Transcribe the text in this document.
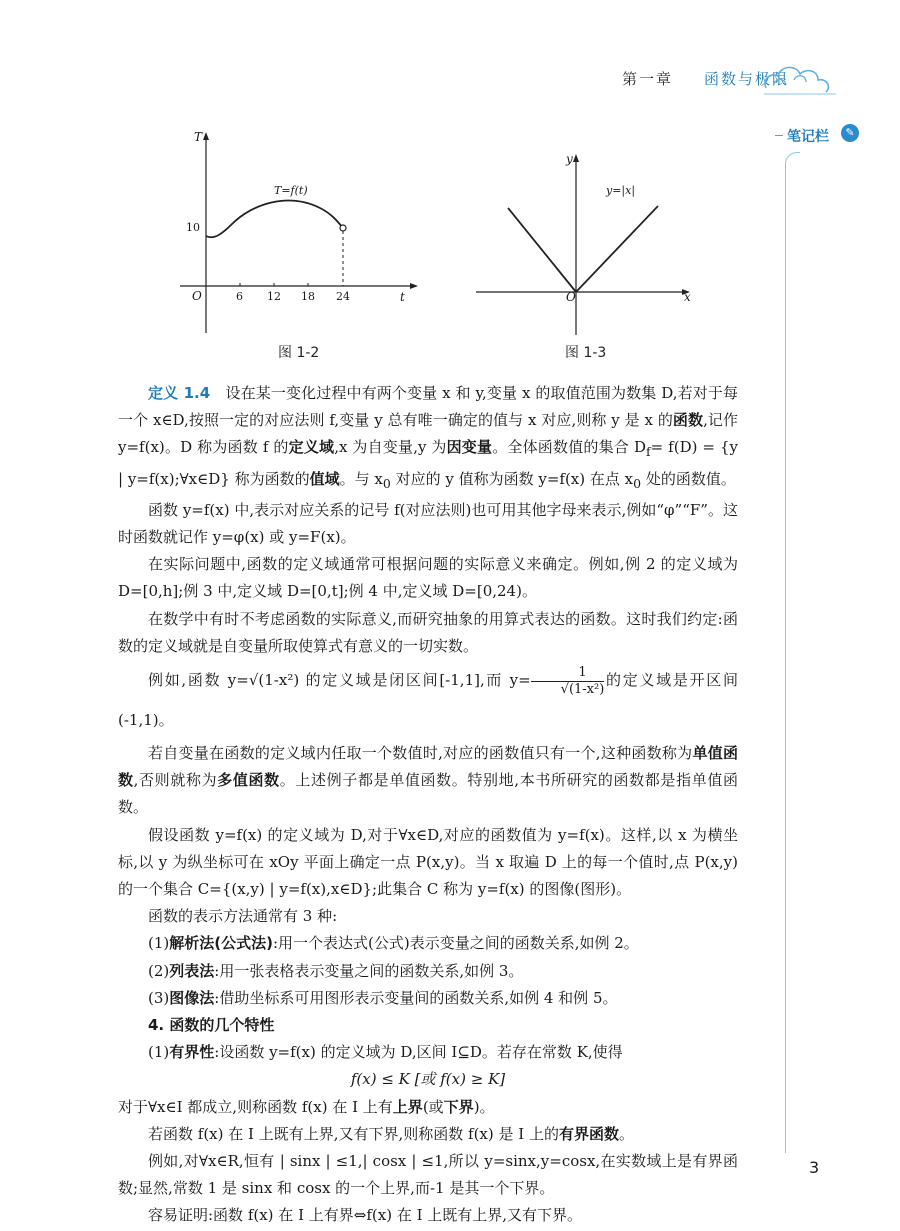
第一章 函数与极限
笔记栏	✎
T
t
O
T=f(t)
10
6 12 18 24
图 1-2
y
x
O
y=|x|
图 1-3

定义 1.4　 设在某一变化过程中有两个变量 x 和 y,变量 x 的取值范围为数集 D,若对于每一个 x∈D,按照一定的对应法则 f,变量 y 总有唯一确定的值与 x 对应,则称 y 是 x 的函数,记作 y=f(x)。D 称为函数 f 的定义域,x 为自变量,y 为因变量。全体函数值的集合 $D_f= f(D) = \{y$ | y=f(x);∀x∈D} 称为函数的值域。与 $x_0$ 对应的 y 值称为函数 y=f(x) 在点 $x_0$ 处的函数值。

函数 y=f(x) 中,表示对应关系的记号 f(对应法则)也可用其他字母来表示,例如“φ”“F”。这时函数就记作 y=φ(x) 或 y=F(x)。

在实际问题中,函数的定义域通常可根据问题的实际意义来确定。例如,例 2 的定义域为 D=[0,h];例 3 中,定义域 D=[0,t];例 4 中,定义域 D=[0,24)。

在数学中有时不考虑函数的实际意义,而研究抽象的用算式表达的函数。这时我们约定:函数的定义域就是自变量所取使算式有意义的一切实数。

例如,函数 y=√(1-x²) 的定义域是闭区间[-1,1],而 $y= \frac{1}{\text{√(1-x²)}}$ 的定义域是开区间(-1,1)。

若自变量在函数的定义域内任取一个数值时,对应的函数值只有一个,这种函数称为单值函数,否则就称为多值函数。上述例子都是单值函数。特别地,本书所研究的函数都是指单值函数。

假设函数 y=f(x) 的定义域为 D,对于∀x∈D,对应的函数值为 y=f(x)。这样,以 x 为横坐标,以 y 为纵坐标可在 xOy 平面上确定一点 P(x,y)。当 x 取遍 D 上的每一个值时,点 P(x,y) 的一个集合 C={(x,y) | y=f(x),x∈D};此集合 C 称为 y=f(x) 的图像(图形)。

函数的表示方法通常有 3 种:

(1)解析法(公式法):用一个表达式(公式)表示变量之间的函数关系,如例 2。

(2)列表法:用一张表格表示变量之间的函数关系,如例 3。

(3)图像法:借助坐标系可用图形表示变量间的函数关系,如例 4 和例 5。

4. 函数的几个特性

(1)有界性:设函数 y=f(x) 的定义域为 D,区间 I⊆D。若存在常数 K,使得

f(x) ≤ K [或 f(x) ≥ K]

对于∀x∈I 都成立,则称函数 f(x) 在 I 上有上界(或下界)。

若函数 f(x) 在 I 上既有上界,又有下界,则称函数 f(x) 是 I 上的有界函数。

例如,对∀x∈R,恒有 | sinx | ≤1,| cosx | ≤1,所以 y=sinx,y=cosx,在实数域上是有界函数;显然,常数 1 是 sinx 和 cosx 的一个上界,而-1 是其一个下界。

容易证明:函数 f(x) 在 I 上有界⇔f(x) 在 I 上既有上界,又有下界。

3
